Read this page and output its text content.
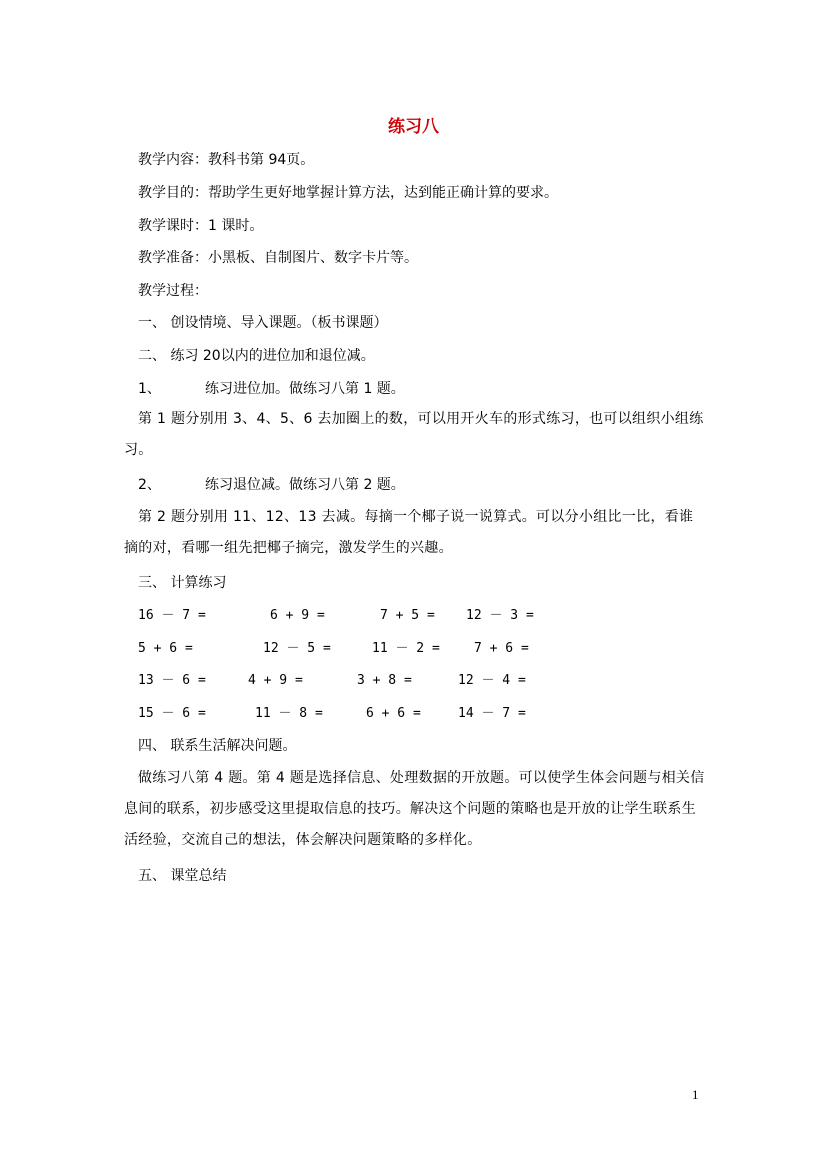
练习八
教学内容：教科书第 94页。
教学目的：帮助学生更好地掌握计算方法，达到能正确计算的要求。
教学课时：1 课时。
教学准备：小黑板、自制图片、数字卡片等。
教学过程：
一、 创设情境、导入课题。（板书课题）
二、 练习 20以内的进位加和退位减。
1、	练习进位加。做练习八第 1 题。
第 1 题分别用 3、4、5、6 去加圈上的数，可以用开火车的形式练习，也可以组织小组练习。
2、	练习退位减。做练习八第 2 题。
第 2 题分别用 11、12、13 去减。每摘一个椰子说一说算式。可以分小组比一比，看谁摘的对，看哪一组先把椰子摘完，激发学生的兴趣。
三、 计算练习
16 － 7 =	6 + 9 =	7 + 5 = 12 － 3 =
5 + 6 =	12 － 5 =	11 － 2 =	7 + 6 =
13 － 6 =	4 + 9 =	3 + 8 =	12 － 4 =
15 － 6 =	11 － 8 =	6 + 6 =	14 － 7 =
四、 联系生活解决问题。
做练习八第 4 题。第 4 题是选择信息、处理数据的开放题。可以使学生体会问题与相关信息间的联系，初步感受这里提取信息的技巧。解决这个问题的策略也是开放的让学生联系生活经验，交流自己的想法，体会解决问题策略的多样化。
五、 课堂总结
1
